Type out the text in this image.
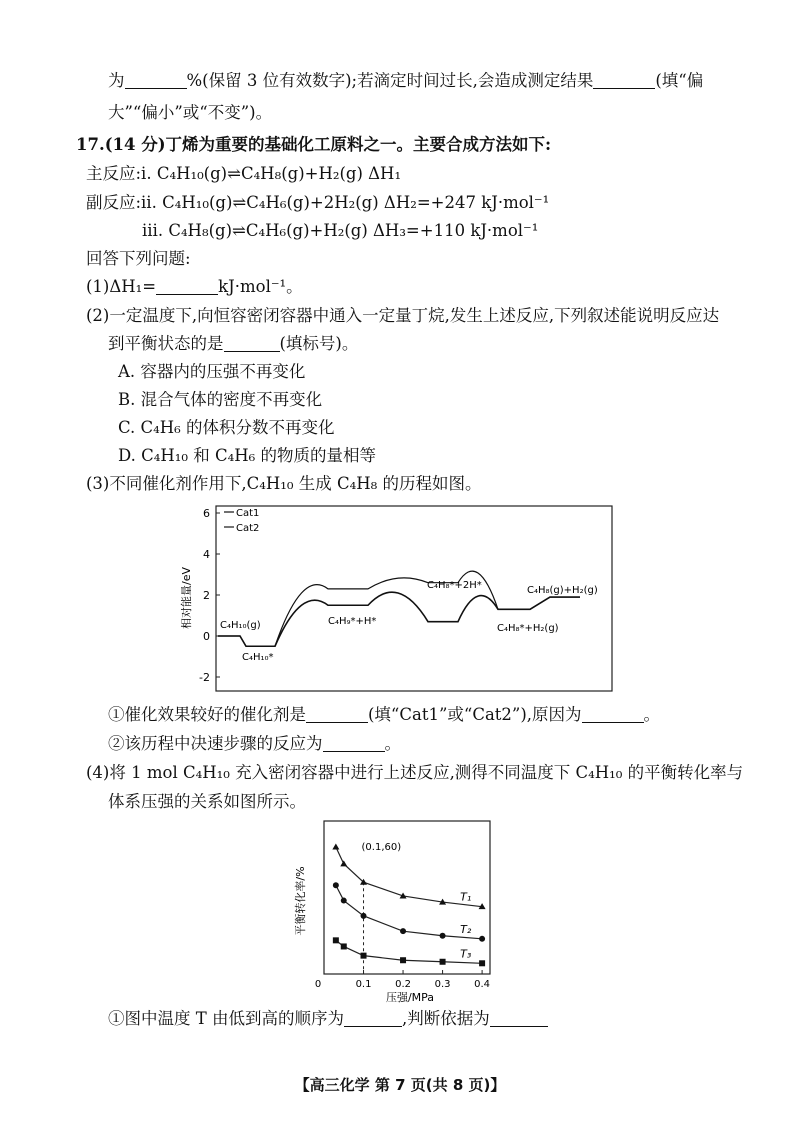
为	%(保留 3 位有效数字);若滴定时间过长,会造成测定结果	(填“偏
大”“偏小”或“不变”)。
17.(14 分)丁烯为重要的基础化工原料之一。主要合成方法如下:
主反应:ⅰ. C₄H₁₀(g)⇌C₄H₈(g)+H₂(g) ΔH₁
副反应:ⅱ. C₄H₁₀(g)⇌C₄H₆(g)+2H₂(g) ΔH₂=+247 kJ·mol⁻¹
ⅲ. C₄H₈(g)⇌C₄H₆(g)+H₂(g) ΔH₃=+110 kJ·mol⁻¹
回答下列问题:
(1)ΔH₁=	kJ·mol⁻¹。
(2)一定温度下,向恒容密闭容器中通入一定量丁烷,发生上述反应,下列叙述能说明反应达
到平衡状态的是	(填标号)。
A. 容器内的压强不再变化
B. 混合气体的密度不再变化
C. C₄H₆ 的体积分数不再变化
D. C₄H₁₀ 和 C₄H₆ 的物质的量相等
(3)不同催化剂作用下,C₄H₁₀ 生成 C₄H₈ 的历程如图。
6
4
2
0
-2
相对能量/eV
Cat1
Cat2
C₄H₁₀(g)
C₄H₁₀*
C₄H₉*+H*
C₄H₈*+2H*
C₄H₈*+H₂(g)
C₄H₈(g)+H₂(g)
①催化效果较好的催化剂是	(填“Cat1”或“Cat2”),原因为	。
②该历程中决速步骤的反应为	。
(4)将 1 mol C₄H₁₀ 充入密闭容器中进行上述反应,测得不同温度下 C₄H₁₀ 的平衡转化率与
体系压强的关系如图所示。
平衡转化率/%
0	0.1 0.2 0.3 0.4
压强/MPa
(0.1,60)
T₁
T₂
T₃
①图中温度 T 由低到高的顺序为	,判断依据为
【高三化学 第 7 页(共 8 页)】
